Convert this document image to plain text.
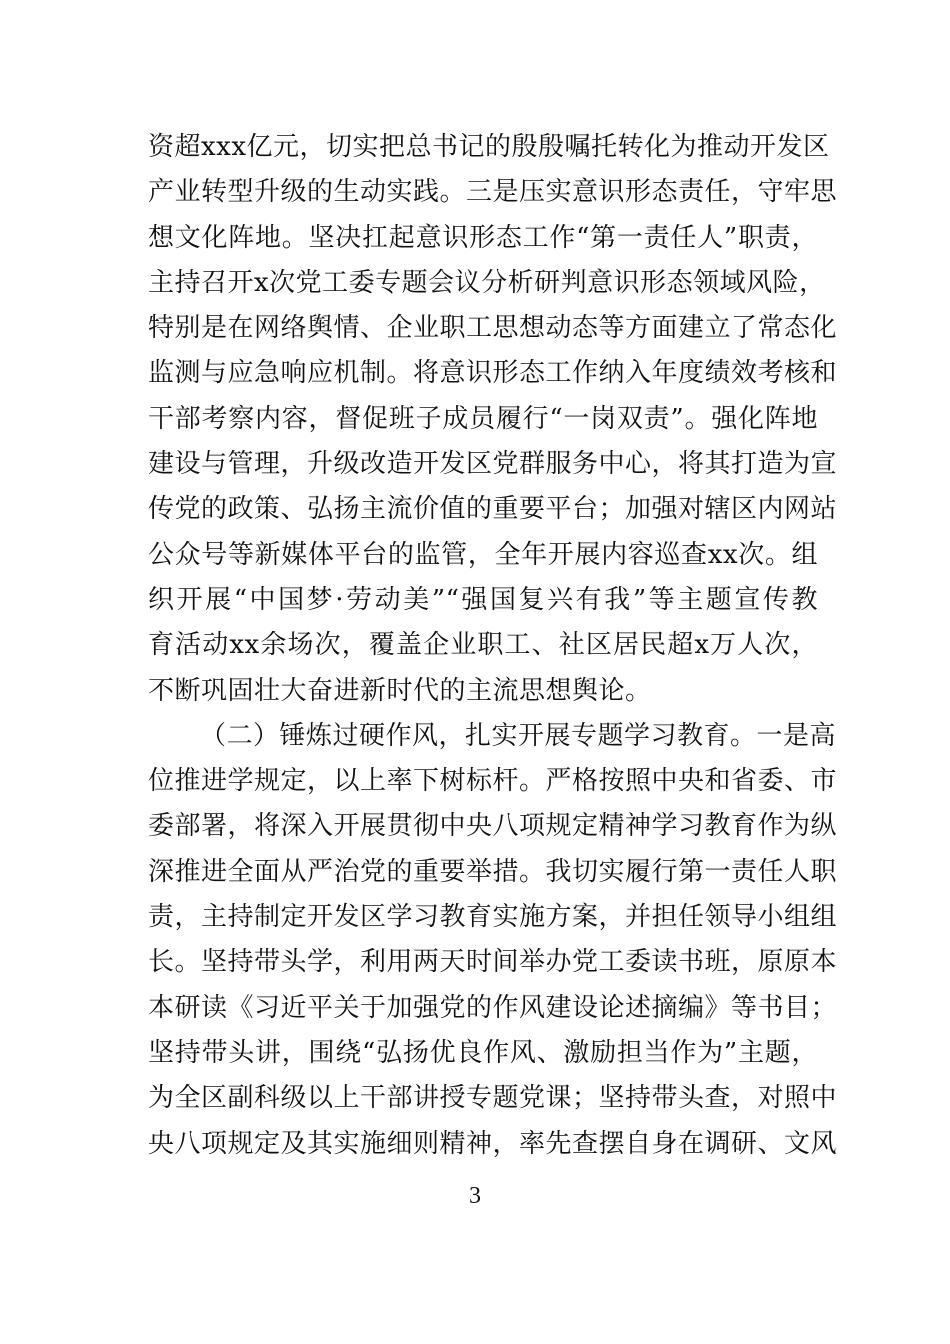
资超xxx亿元，切实把总书记的殷殷嘱托转化为推动开发区
产业转型升级的生动实践。三是压实意识形态责任，守牢思
想文化阵地。坚决扛起意识形态工作“第一责任人”职责，
主持召开x次党工委专题会议分析研判意识形态领域风险，
特别是在网络舆情、企业职工思想动态等方面建立了常态化
监测与应急响应机制。将意识形态工作纳入年度绩效考核和
干部考察内容，督促班子成员履行“一岗双责”。强化阵地
建设与管理，升级改造开发区党群服务中心，将其打造为宣
传党的政策、弘扬主流价值的重要平台；加强对辖区内网站
公众号等新媒体平台的监管，全年开展内容巡查xx次。组
织开展“中国梦·劳动美”“强国复兴有我”等主题宣传教
育活动xx余场次，覆盖企业职工、社区居民超x万人次，
不断巩固壮大奋进新时代的主流思想舆论。
（二）锤炼过硬作风，扎实开展专题学习教育。一是高
位推进学规定，以上率下树标杆。严格按照中央和省委、市
委部署，将深入开展贯彻中央八项规定精神学习教育作为纵
深推进全面从严治党的重要举措。我切实履行第一责任人职
责，主持制定开发区学习教育实施方案，并担任领导小组组
长。坚持带头学，利用两天时间举办党工委读书班，原原本
本研读《习近平关于加强党的作风建设论述摘编》等书目；
坚持带头讲，围绕“弘扬优良作风、激励担当作为”主题，
为全区副科级以上干部讲授专题党课；坚持带头查，对照中
央八项规定及其实施细则精神，率先查摆自身在调研、文风
3
